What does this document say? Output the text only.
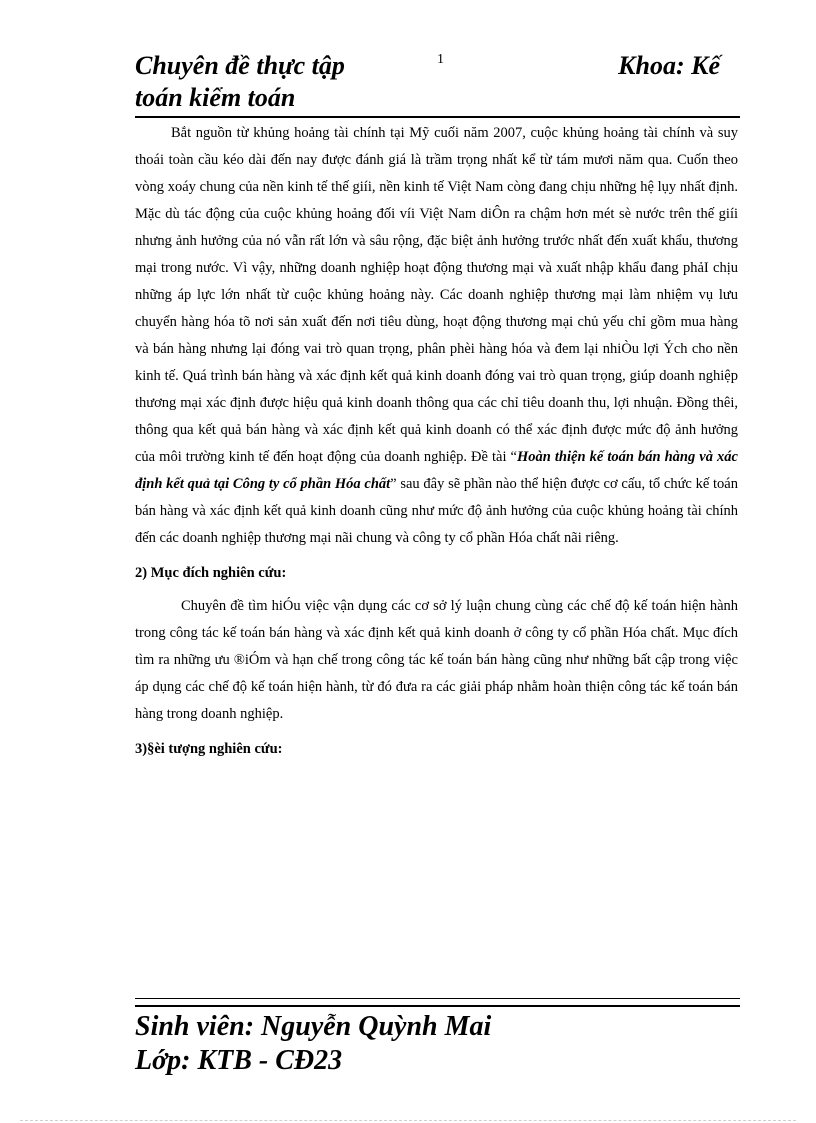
Chuyên đề thực tập toán kiểm toán
1	Khoa: Kế

Bắt nguồn từ khủng hoảng tài chính tại Mỹ cuối năm 2007, cuộc khủng hoảng tài chính và suy thoái toàn cầu kéo dài đến nay được đánh giá là trầm trọng nhất kể từ tám mươi năm qua. Cuốn theo vòng xoáy chung của nền kinh tế thế giíi, nền kinh tế Việt Nam còng đang chịu những hệ lụy nhất định. Mặc dù tác động của cuộc khủng hoảng đối víi Việt Nam diÔn ra chậm hơn mét sè nước trên thế giíi nhưng ảnh hưởng của nó vẫn rất lớn và sâu rộng, đặc biệt ảnh hưởng trước nhất đến xuất khẩu, thương mại trong nước. Vì vậy, những doanh nghiệp hoạt động thương mại và xuất nhập khẩu đang phảI chịu những áp lực lớn nhất từ cuộc khủng hoảng này. Các doanh nghiệp thương mại làm nhiệm vụ lưu chuyển hàng hóa tõ nơi sản xuất đến nơi tiêu dùng, hoạt động thương mại chủ yếu chỉ gồm mua hàng và bán hàng nhưng lại đóng vai trò quan trọng, phân phèi hàng hóa và đem lại nhiÒu lợi Ých cho nền kinh tế. Quá trình bán hàng và xác định kết quả kinh doanh đóng vai trò quan trọng, giúp doanh nghiệp thương mại xác định được hiệu quả kinh doanh thông qua các chỉ tiêu doanh thu, lợi nhuận. Đồng thêi, thông qua kết quả bán hàng và xác định kết quả kinh doanh có thể xác định được mức độ ảnh hưởng của môi trường kinh tế đến hoạt động của doanh nghiệp. Đề tài “Hoàn thiện kế toán bán hàng và xác định kết quả tại Công ty cổ phần Hóa chất” sau đây sẽ phần nào thể hiện được cơ cấu, tổ chức kế toán bán hàng và xác định kết quả kinh doanh cũng như mức độ ảnh hưởng của cuộc khủng hoảng tài chính đến các doanh nghiệp thương mại nãi chung và công ty cổ phần Hóa chất nãi riêng.

2) Mục đích nghiên cứu:

Chuyên đề tìm hiÓu việc vận dụng các cơ sở lý luận chung cùng các chế độ kế toán hiện hành trong công tác kế toán bán hàng và xác định kết quả kinh doanh ở công ty cổ phần Hóa chất. Mục đích tìm ra những ưu ®iÓm và hạn chế trong công tác kế toán bán hàng cũng như những bất cập trong việc áp dụng các chế độ kế toán hiện hành, từ đó đưa ra các giải pháp nhằm hoàn thiện công tác kế toán bán hàng trong doanh nghiệp.

3)§èi tượng nghiên cứu:

Sinh viên: Nguyễn Quỳnh Mai
Lớp: KTB - CĐ23
